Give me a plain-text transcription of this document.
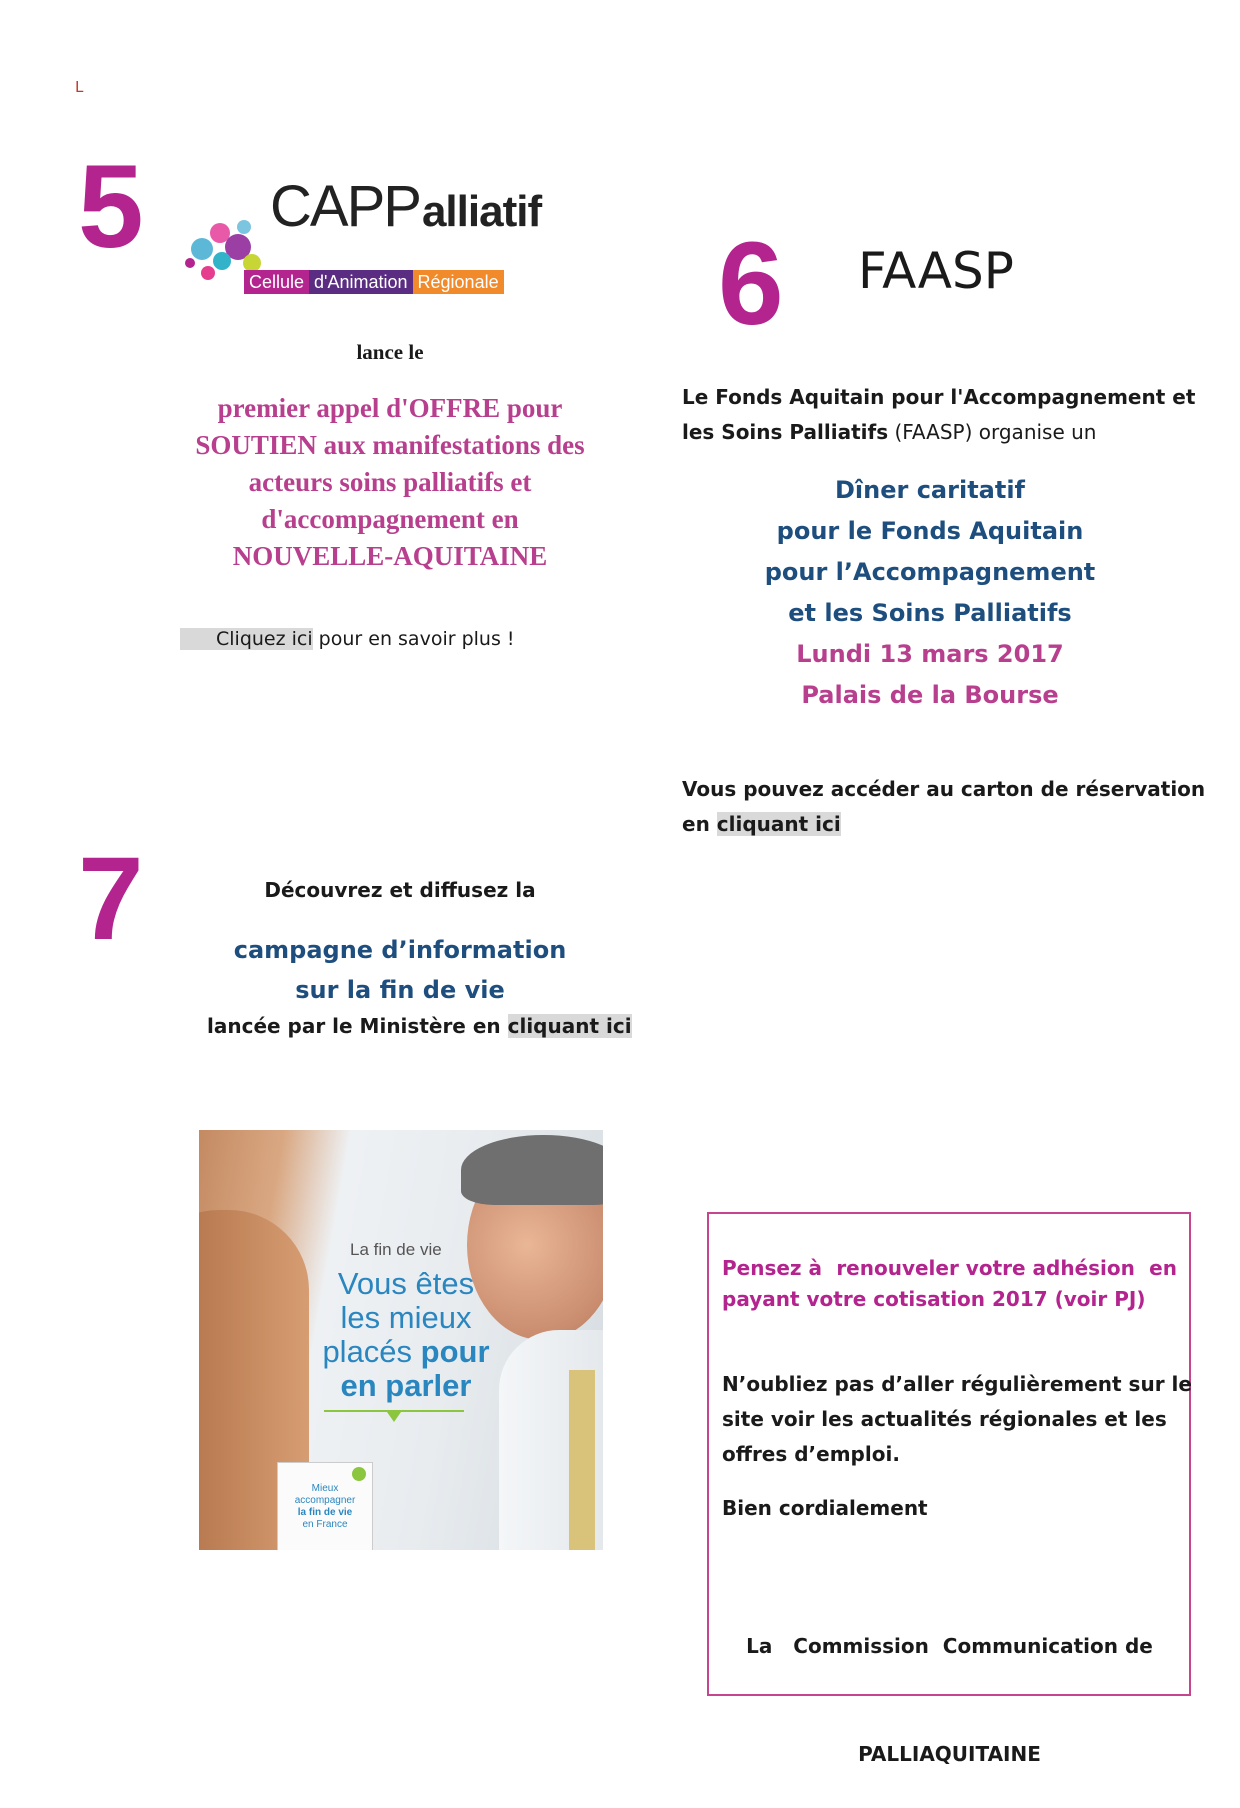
L
5 CAPPalliatif
Cellule d'Animation Régionale
lance le
premier appel d'OFFRE pour
SOUTIEN aux manifestations des
acteurs soins palliatifs et
d'accompagnement en
NOUVELLE-AQUITAINE
Cliquez ici pour en savoir plus !
6 FAASP
Le Fonds Aquitain pour l'Accompagnement et
les Soins Palliatifs (FAASP) organise un
Dîner caritatif
pour le Fonds Aquitain
pour l’Accompagnement
et les Soins Palliatifs
Lundi 13 mars 2017
Palais de la Bourse
Vous pouvez accéder au carton de réservation
en cliquant ici
7	Découvrez et diffusez la
campagne d’information
sur la fin de vie
lancée par le Ministère en cliquant ici
La fin de vie
Vous êtes
les mieux
placés pour
en parler
Mieux
accompagner
la fin de vie
en France
Pensez à renouveler votre adhésion en
payant votre cotisation 2017 (voir PJ)
N’oubliez pas d’aller régulièrement sur le
site voir les actualités régionales et les
offres d’emploi.
Bien cordialement

La   Commission  Communication de

PALLIAQUITAINE
